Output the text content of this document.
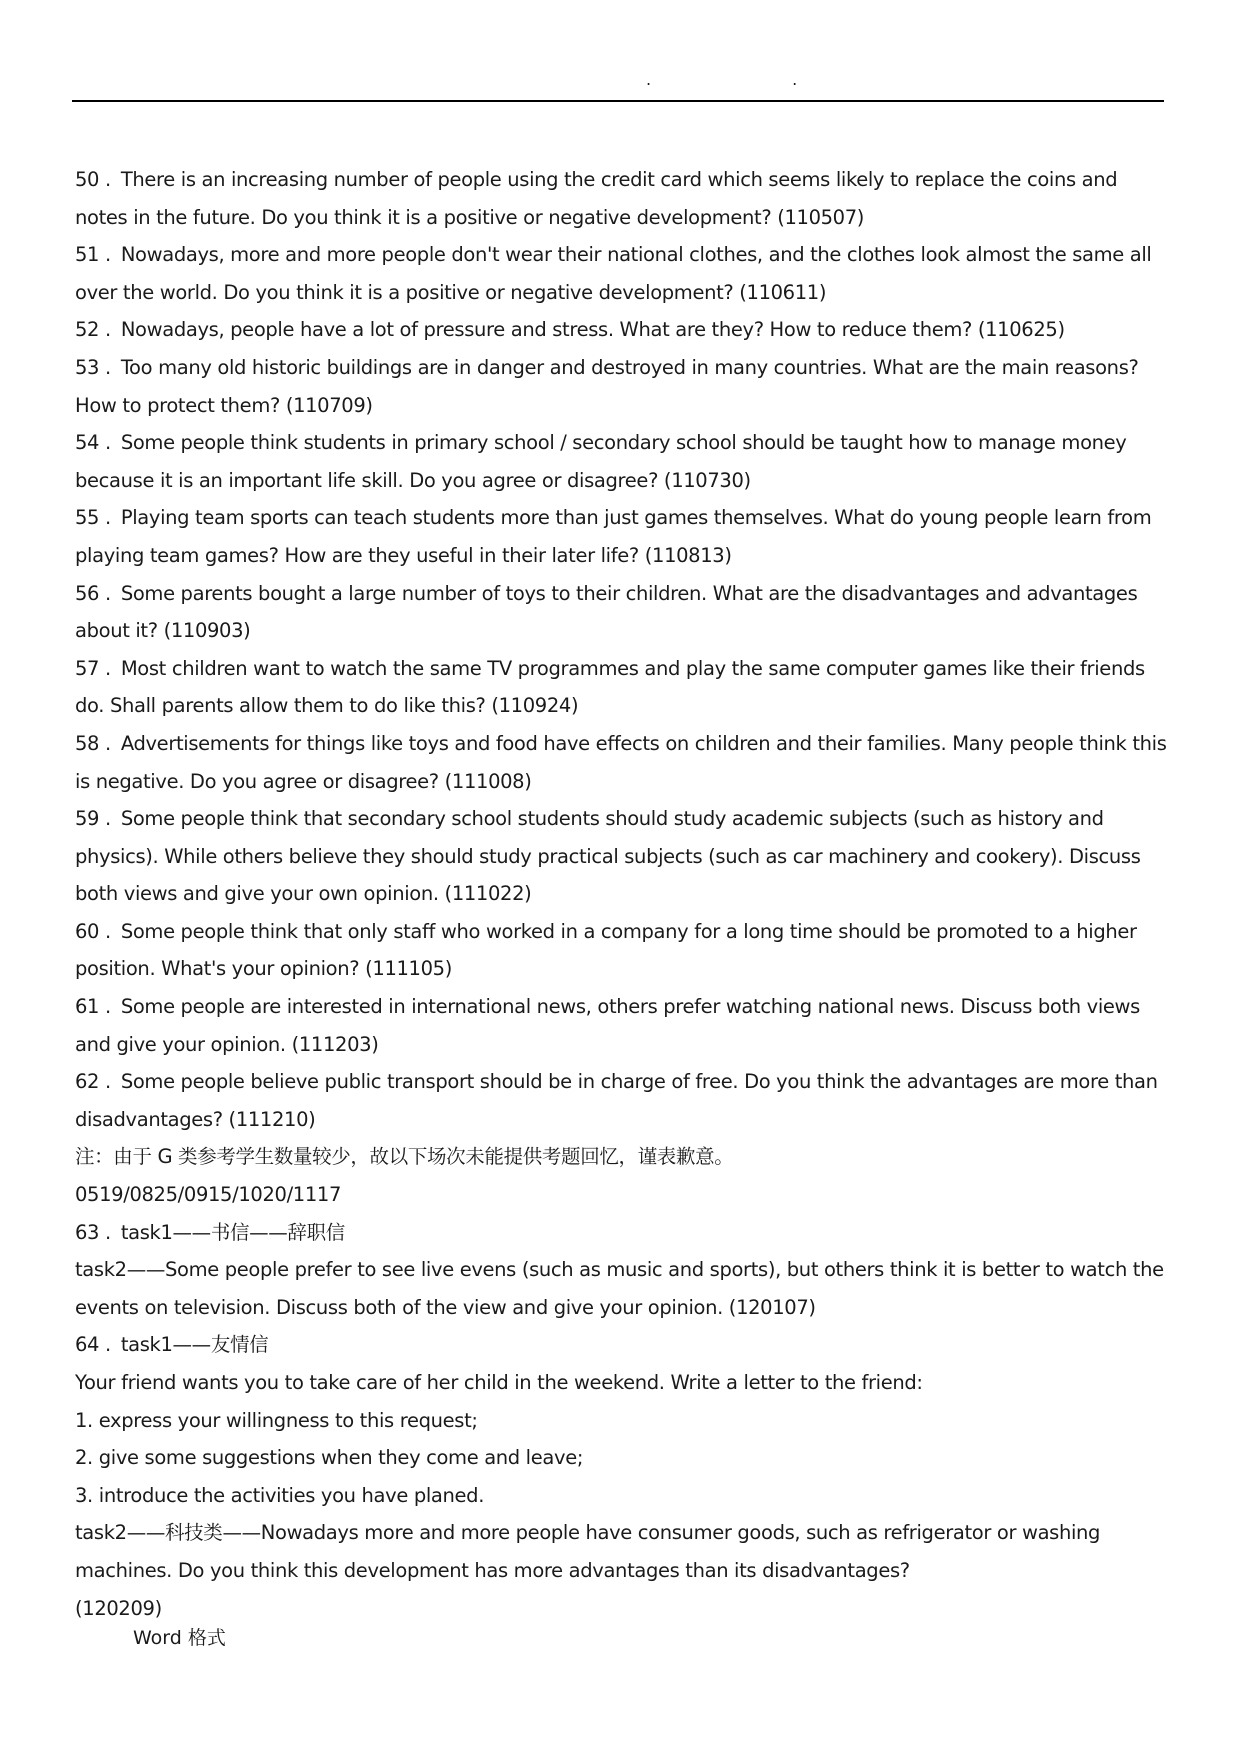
. .

50 . There is an increasing number of people using the credit card which seems likely to replace the coins and notes in the future. Do you think it is a positive or negative development? (110507)

51 . Nowadays, more and more people don't wear their national clothes, and the clothes look almost the same all over the world. Do you think it is a positive or negative development? (110611)

52 . Nowadays, people have a lot of pressure and stress. What are they? How to reduce them? (110625)

53 . Too many old historic buildings are in danger and destroyed in many countries. What are the main reasons? How to protect them? (110709)

54 . Some people think students in primary school / secondary school should be taught how to manage money because it is an important life skill. Do you agree or disagree? (110730)

55 . Playing team sports can teach students more than just games themselves. What do young people learn from playing team games? How are they useful in their later life? (110813)

56 . Some parents bought a large number of toys to their children. What are the disadvantages and advantages about it? (110903)

57 . Most children want to watch the same TV programmes and play the same computer games like their friends do. Shall parents allow them to do like this? (110924)

58 . Advertisements for things like toys and food have effects on children and their families. Many people think this is negative. Do you agree or disagree? (111008)

59 . Some people think that secondary school students should study academic subjects (such as history and physics). While others believe they should study practical subjects (such as car machinery and cookery). Discuss both views and give your own opinion. (111022)

60 . Some people think that only staff who worked in a company for a long time should be promoted to a higher position. What's your opinion? (111105)

61 . Some people are interested in international news, others prefer watching national news. Discuss both views and give your opinion. (111203)

62 . Some people believe public transport should be in charge of free. Do you think the advantages are more than disadvantages? (111210)

注：由于 G 类参考学生数量较少，故以下场次未能提供考题回忆，谨表歉意。

0519/0825/0915/1020/1117

63 . task1——书信——辞职信

task2——Some people prefer to see live evens (such as music and sports), but others think it is better to watch the events on television. Discuss both of the view and give your opinion. (120107)

64 . task1——友情信

Your friend wants you to take care of her child in the weekend. Write a letter to the friend:

1. express your willingness to this request;

2. give some suggestions when they come and leave;

3. introduce the activities you have planed.

task2——科技类——Nowadays more and more people have consumer goods, such as refrigerator or washing machines. Do you think this development has more advantages than its disadvantages?

(120209)

Word 格式
